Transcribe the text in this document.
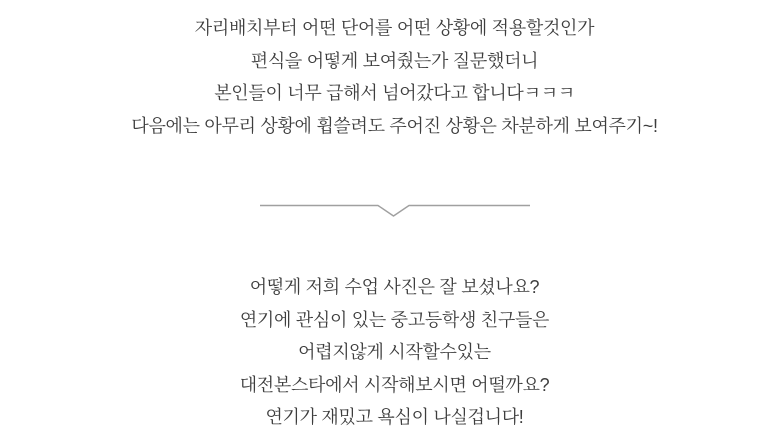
자리배치부터 어떤 단어를 어떤 상황에 적용할것인가

편식을 어떻게 보여줬는가 질문했더니

본인들이 너무 급해서 넘어갔다고 합니다ㅋㅋㅋ

다음에는 아무리 상황에 휩쓸려도 주어진 상황은 차분하게 보여주기~!

어떻게 저희 수업 사진은 잘 보셨나요?

연기에 관심이 있는 중고등학생 친구들은

어렵지않게 시작할수있는

대전본스타에서 시작해보시면 어떨까요?

연기가 재밌고 욕심이 나실겁니다!
